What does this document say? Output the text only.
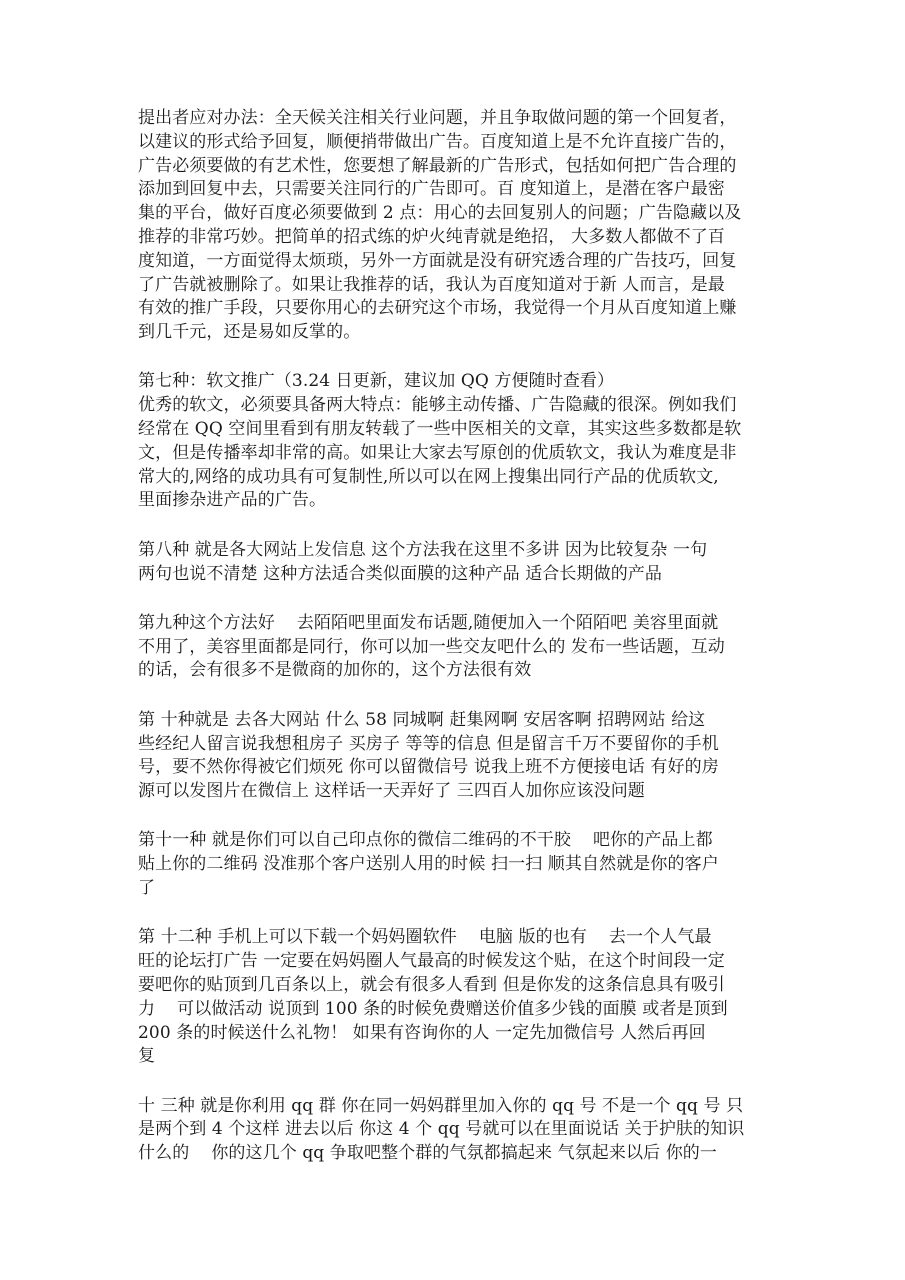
提出者应对办法：全天候关注相关行业问题，并且争取做问题的第一个回复者，
以建议的形式给予回复，顺便捎带做出广告。百度知道上是不允许直接广告的，
广告必须要做的有艺术性，您要想了解最新的广告形式，包括如何把广告合理的
添加到回复中去，只需要关注同行的广告即可。百 度知道上，是潜在客户最密
集的平台，做好百度必须要做到 2 点：用心的去回复别人的问题；广告隐藏以及
推荐的非常巧妙。把简单的招式练的炉火纯青就是绝招， 大多数人都做不了百
度知道，一方面觉得太烦琐，另外一方面就是没有研究透合理的广告技巧，回复
了广告就被删除了。如果让我推荐的话，我认为百度知道对于新 人而言，是最
有效的推广手段，只要你用心的去研究这个市场，我觉得一个月从百度知道上赚
到几千元，还是易如反掌的。
第七种：软文推广（3.24 日更新，建议加 QQ 方便随时查看）
优秀的软文，必须要具备两大特点：能够主动传播、广告隐藏的很深。例如我们
经常在 QQ 空间里看到有朋友转载了一些中医相关的文章，其实这些多数都是软
文，但是传播率却非常的高。如果让大家去写原创的优质软文，我认为难度是非
常大的,网络的成功具有可复制性,所以可以在网上搜集出同行产品的优质软文,
里面掺杂进产品的广告。
第八种 就是各大网站上发信息 这个方法我在这里不多讲 因为比较复杂 一句
两句也说不清楚 这种方法适合类似面膜的这种产品 适合长期做的产品
第九种这个方法好    去陌陌吧里面发布话题,随便加入一个陌陌吧 美容里面就
不用了，美容里面都是同行，你可以加一些交友吧什么的 发布一些话题，互动
的话，会有很多不是微商的加你的，这个方法很有效
第 十种就是 去各大网站 什么 58 同城啊 赶集网啊 安居客啊 招聘网站 给这
些经纪人留言说我想租房子 买房子 等等的信息 但是留言千万不要留你的手机
号，要不然你得被它们烦死 你可以留微信号 说我上班不方便接电话 有好的房
源可以发图片在微信上 这样话一天弄好了 三四百人加你应该没问题
第十一种 就是你们可以自己印点你的微信二维码的不干胶    吧你的产品上都
贴上你的二维码 没准那个客户送别人用的时候 扫一扫 顺其自然就是你的客户
了
第 十二种 手机上可以下载一个妈妈圈软件    电脑 版的也有    去一个人气最
旺的论坛打广告 一定要在妈妈圈人气最高的时候发这个贴，在这个时间段一定
要吧你的贴顶到几百条以上，就会有很多人看到 但是你发的这条信息具有吸引
力    可以做活动 说顶到 100 条的时候免费赠送价值多少钱的面膜 或者是顶到
200 条的时候送什么礼物！ 如果有咨询你的人 一定先加微信号 人然后再回
复
十 三种 就是你利用 qq 群 你在同一妈妈群里加入你的 qq 号 不是一个 qq 号 只
是两个到 4 个这样 进去以后 你这 4 个 qq 号就可以在里面说话 关于护肤的知识
什么的    你的这几个 qq 争取吧整个群的气氛都搞起来 气氛起来以后 你的一
